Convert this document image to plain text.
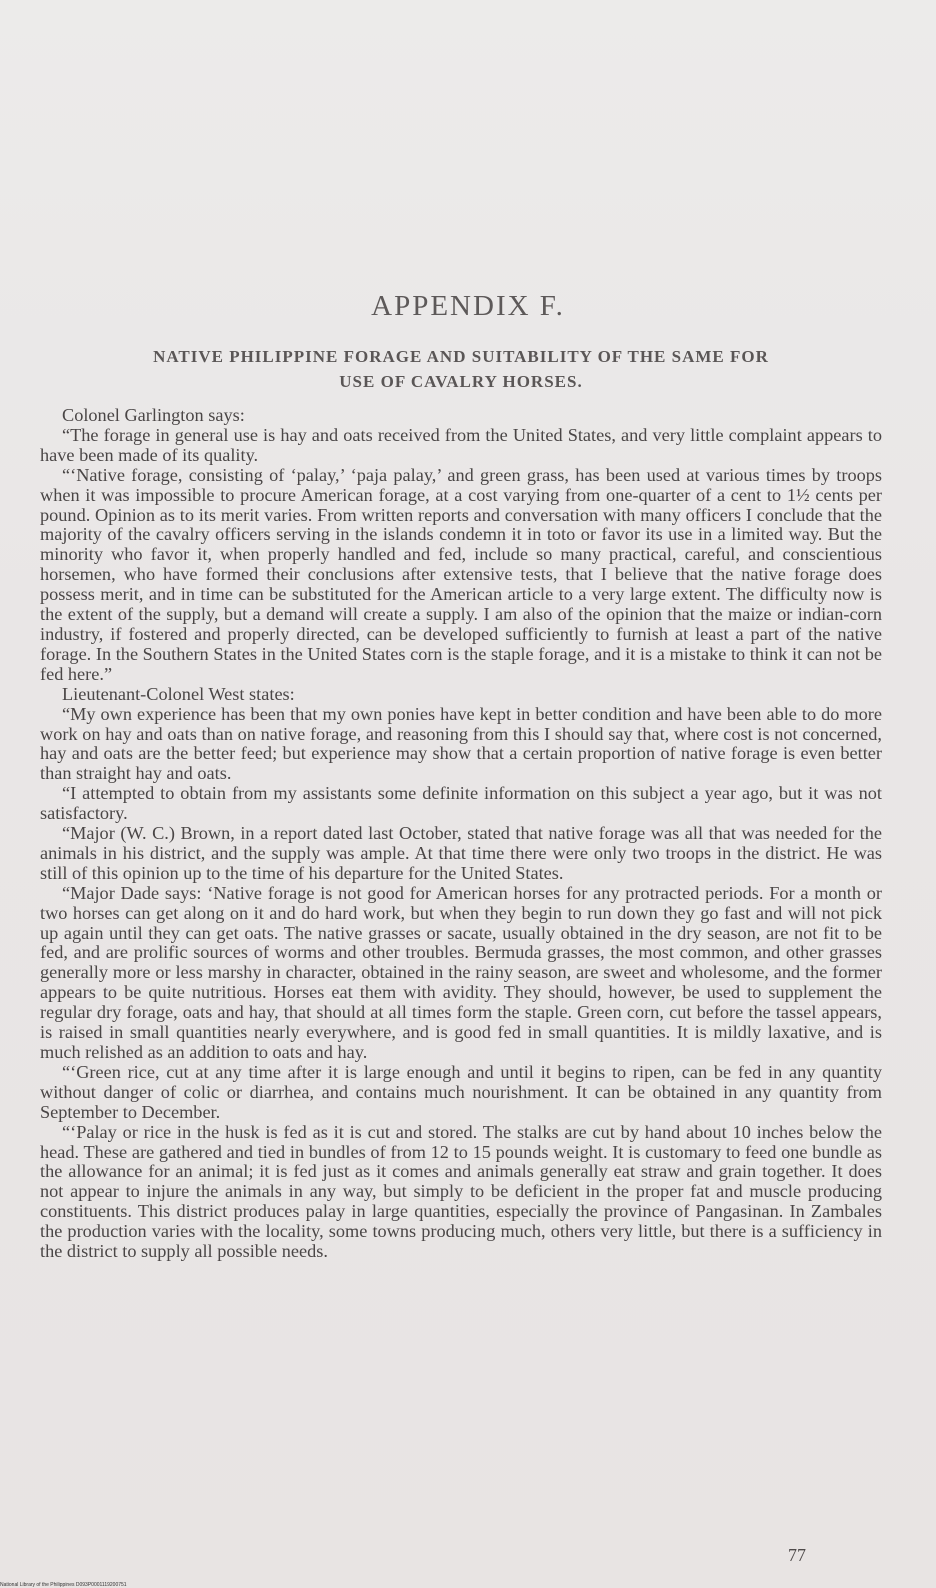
APPENDIX F.
NATIVE PHILIPPINE FORAGE AND SUITABILITY OF THE SAME FOR
USE OF CAVALRY HORSES.

Colonel Garlington says:

“The forage in general use is hay and oats received from the United States, and very little complaint appears to have been made of its quality.

“‘Native forage, consisting of ‘palay,’ ‘paja palay,’ and green grass, has been used at various times by troops when it was impossible to procure American forage, at a cost varying from one-quarter of a cent to 1½ cents per pound. Opinion as to its merit varies. From written reports and conversation with many officers I conclude that the majority of the cavalry officers serving in the islands condemn it in toto or favor its use in a limited way. But the minority who favor it, when properly handled and fed, include so many practical, careful, and conscientious horsemen, who have formed their conclusions after extensive tests, that I believe that the native forage does possess merit, and in time can be substituted for the American article to a very large extent. The difficulty now is the extent of the supply, but a demand will create a supply. I am also of the opinion that the maize or indian-corn industry, if fostered and properly directed, can be developed sufficiently to furnish at least a part of the native forage. In the Southern States in the United States corn is the staple forage, and it is a mistake to think it can not be fed here.”

Lieutenant-Colonel West states:

“My own experience has been that my own ponies have kept in better condition and have been able to do more work on hay and oats than on native forage, and reasoning from this I should say that, where cost is not concerned, hay and oats are the better feed; but experience may show that a certain proportion of native forage is even better than straight hay and oats.

“I attempted to obtain from my assistants some definite information on this subject a year ago, but it was not satisfactory.

“Major (W. C.) Brown, in a report dated last October, stated that native forage was all that was needed for the animals in his district, and the supply was ample. At that time there were only two troops in the district. He was still of this opinion up to the time of his departure for the United States.

“Major Dade says: ‘Native forage is not good for American horses for any protracted periods. For a month or two horses can get along on it and do hard work, but when they begin to run down they go fast and will not pick up again until they can get oats. The native grasses or sacate, usually obtained in the dry season, are not fit to be fed, and are prolific sources of worms and other troubles. Bermuda grasses, the most common, and other grasses generally more or less marshy in character, obtained in the rainy season, are sweet and wholesome, and the former appears to be quite nutritious. Horses eat them with avidity. They should, however, be used to supplement the regular dry forage, oats and hay, that should at all times form the staple. Green corn, cut before the tassel appears, is raised in small quantities nearly everywhere, and is good fed in small quantities. It is mildly laxative, and is much relished as an addition to oats and hay.

“‘Green rice, cut at any time after it is large enough and until it begins to ripen, can be fed in any quantity without danger of colic or diarrhea, and contains much nourishment. It can be obtained in any quantity from September to December.

“‘Palay or rice in the husk is fed as it is cut and stored. The stalks are cut by hand about 10 inches below the head. These are gathered and tied in bundles of from 12 to 15 pounds weight. It is customary to feed one bundle as the allowance for an animal; it is fed just as it comes and animals generally eat straw and grain together. It does not appear to injure the animals in any way, but simply to be deficient in the proper fat and muscle producing constituents. This district produces palay in large quantities, especially the province of Pangasinan. In Zambales the production varies with the locality, some towns producing much, others very little, but there is a sufficiency in the district to supply all possible needs.

77
National Library of the Philippines D093P0001119200751
